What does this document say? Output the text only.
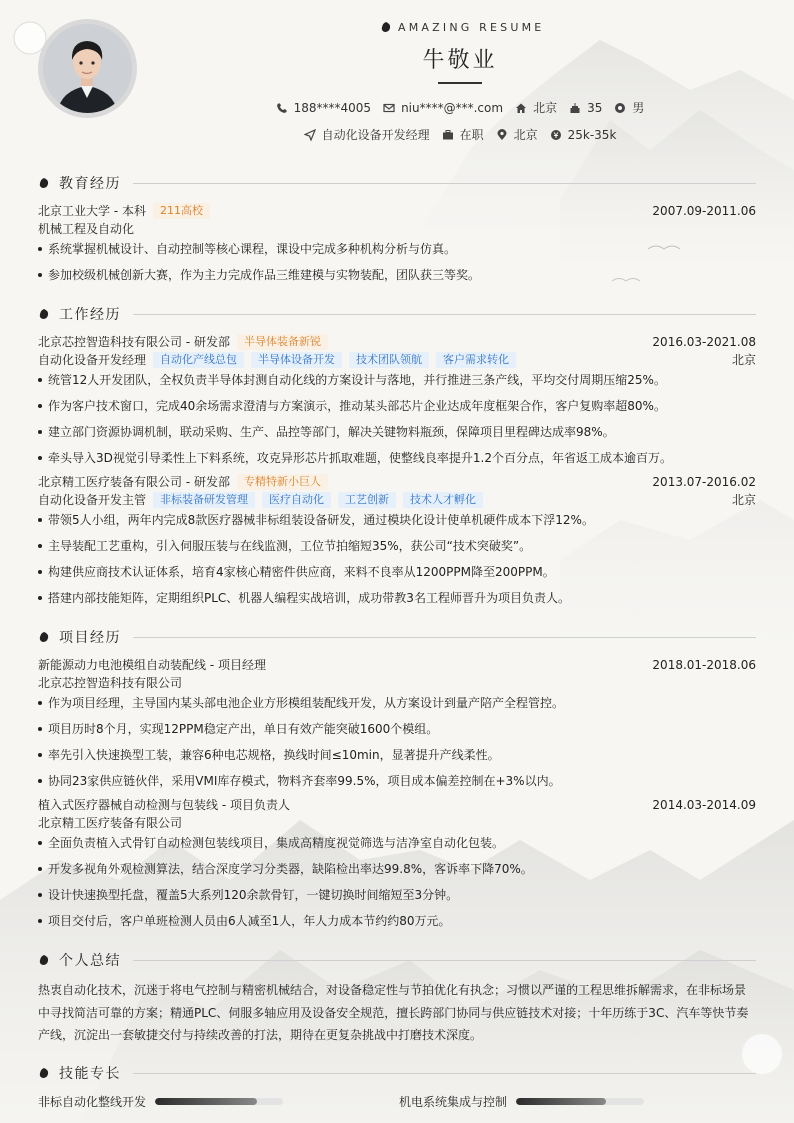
AMAZING RESUME
牛敬业
188****4005	niu****@***.com	北京	35	男
自动化设备开发经理	在职	北京	25k-35k
教育经历
北京工业大学 - 本科	211高校	2007.09-2011.06
机械工程及自动化
系统掌握机械设计、自动控制等核心课程，课设中完成多种机构分析与仿真。
参加校级机械创新大赛，作为主力完成作品三维建模与实物装配，团队获三等奖。
工作经历
北京芯控智造科技有限公司 - 研发部	半导体装备新锐	2016.03-2021.08
自动化设备开发经理	自动化产线总包	半导体设备开发	技术团队领航	客户需求转化	北京
统管12人开发团队，全权负责半导体封测自动化线的方案设计与落地，并行推进三条产线，平均交付周期压缩25%。
作为客户技术窗口，完成40余场需求澄清与方案演示，推动某头部芯片企业达成年度框架合作，客户复购率超80%。
建立部门资源协调机制，联动采购、生产、品控等部门，解决关键物料瓶颈，保障项目里程碑达成率98%。
牵头导入3D视觉引导柔性上下料系统，攻克异形芯片抓取难题，使整线良率提升1.2个百分点，年省返工成本逾百万。
北京精工医疗装备有限公司 - 研发部	专精特新小巨人	2013.07-2016.02
自动化设备开发主管	非标装备研发管理	医疗自动化	工艺创新	技术人才孵化	北京
带领5人小组，两年内完成8款医疗器械非标组装设备研发，通过模块化设计使单机硬件成本下浮12%。
主导装配工艺重构，引入伺服压装与在线监测，工位节拍缩短35%，获公司“技术突破奖”。
构建供应商技术认证体系，培育4家核心精密件供应商，来料不良率从1200PPM降至200PPM。
搭建内部技能矩阵，定期组织PLC、机器人编程实战培训，成功带教3名工程师晋升为项目负责人。
项目经历
新能源动力电池模组自动装配线 - 项目经理	2018.01-2018.06
北京芯控智造科技有限公司
作为项目经理，主导国内某头部电池企业方形模组装配线开发，从方案设计到量产陪产全程管控。
项目历时8个月，实现12PPM稳定产出，单日有效产能突破1600个模组。
率先引入快速换型工装，兼容6种电芯规格，换线时间≤10min，显著提升产线柔性。
协同23家供应链伙伴，采用VMI库存模式，物料齐套率99.5%，项目成本偏差控制在+3%以内。
植入式医疗器械自动检测与包装线 - 项目负责人	2014.03-2014.09
北京精工医疗装备有限公司
全面负责植入式骨钉自动检测包装线项目，集成高精度视觉筛选与洁净室自动化包装。
开发多视角外观检测算法，结合深度学习分类器，缺陷检出率达99.8%，客诉率下降70%。
设计快速换型托盘，覆盖5大系列120余款骨钉，一键切换时间缩短至3分钟。
项目交付后，客户单班检测人员由6人减至1人，年人力成本节约约80万元。
个人总结
热衷自动化技术，沉迷于将电气控制与精密机械结合，对设备稳定性与节拍优化有执念；习惯以严谨的工程思维拆解需求，在非标场景中寻找简洁可靠的方案；精通PLC、伺服多轴应用及设备安全规范，擅长跨部门协同与供应链技术对接；十年历练于3C、汽车等快节奏产线，沉淀出一套敏捷交付与持续改善的打法，期待在更复杂挑战中打磨技术深度。
技能专长
非标自动化整线开发	机电系统集成与控制
